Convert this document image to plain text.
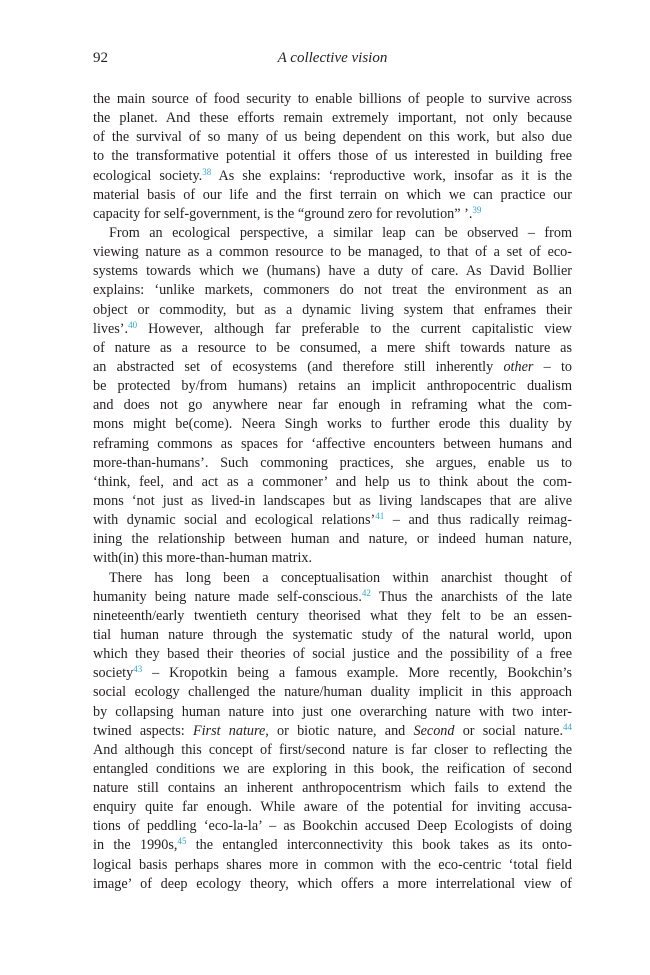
92	A collective vision
the main source of food security to enable billions of people to survive across
the planet. And these efforts remain extremely important, not only because
of the survival of so many of us being dependent on this work, but also due
to the transformative potential it offers those of us interested in building free
ecological society.$^{38}$ As she explains: ‘reproductive work, insofar as it is the
material basis of our life and the first terrain on which we can practice our
capacity for self-government, is the “ground zero for revolution” ’.$^{39}$
From an ecological perspective, a similar leap can be observed – from
viewing nature as a common resource to be managed, to that of a set of eco-
systems towards which we (humans) have a duty of care. As David Bollier
explains: ‘unlike markets, commoners do not treat the environment as an
object or commodity, but as a dynamic living system that enframes their
lives’.$^{40}$ However, although far preferable to the current capitalistic view
of nature as a resource to be consumed, a mere shift towards nature as
an abstracted set of ecosystems (and therefore still inherently other – to
be protected by/from humans) retains an implicit anthropocentric dualism
and does not go anywhere near far enough in reframing what the com-
mons might be(come). Neera Singh works to further erode this duality by
reframing commons as spaces for ‘affective encounters between humans and
more-than-humans’. Such commoning practices, she argues, enable us to
‘think, feel, and act as a commoner’ and help us to think about the com-
mons ‘not just as lived-in landscapes but as living landscapes that are alive
with dynamic social and ecological relations’$^{41}$ – and thus radically reimag-
ining the relationship between human and nature, or indeed human nature,
with(in) this more-than-human matrix.
There has long been a conceptualisation within anarchist thought of
humanity being nature made self-conscious.$^{42}$ Thus the anarchists of the late
nineteenth/early twentieth century theorised what they felt to be an essen-
tial human nature through the systematic study of the natural world, upon
which they based their theories of social justice and the possibility of a free
society$^{43}$ – Kropotkin being a famous example. More recently, Bookchin’s
social ecology challenged the nature/human duality implicit in this approach
by collapsing human nature into just one overarching nature with two inter-
twined aspects: First nature, or biotic nature, and Second or social nature.$^{44}$
And although this concept of first/second nature is far closer to reflecting the
entangled conditions we are exploring in this book, the reification of second
nature still contains an inherent anthropocentrism which fails to extend the
enquiry quite far enough. While aware of the potential for inviting accusa-
tions of peddling ‘eco-la-la’ – as Bookchin accused Deep Ecologists of doing
in the 1990s,$^{45}$ the entangled interconnectivity this book takes as its onto-
logical basis perhaps shares more in common with the eco-centric ‘total field
image’ of deep ecology theory, which offers a more interrelational view of
